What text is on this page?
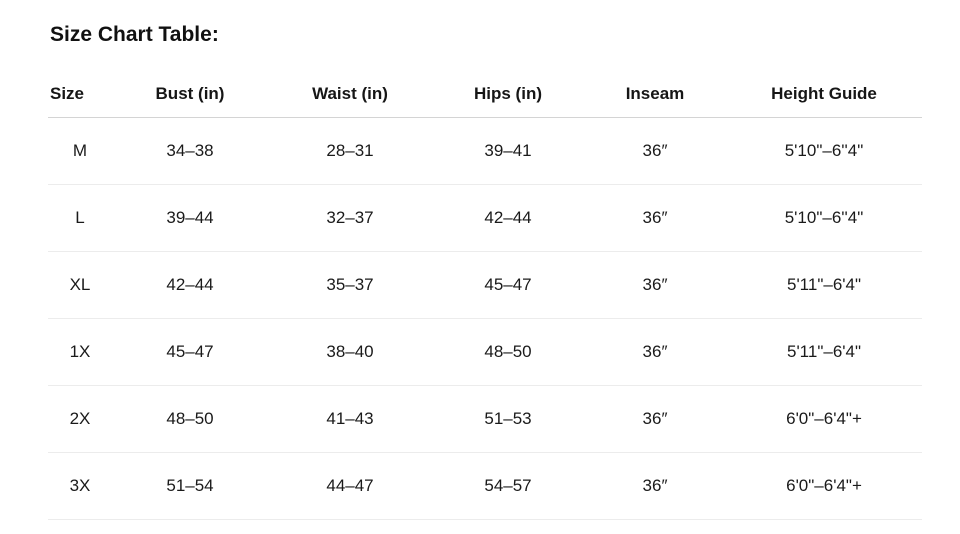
Size Chart Table:
Size	Bust (in)	Waist (in)	Hips (in)	Inseam	Height Guide
M	34–38	28–31	39–41	36″	5'10"–6''4"
L	39–44	32–37	42–44	36″	5'10"–6''4"
XL	42–44	35–37	45–47	36″	5'11"–6'4"
1X	45–47	38–40	48–50	36″	5'11"–6'4"
2X	48–50	41–43	51–53	36″	6'0"–6'4"+
3X	51–54	44–47	54–57	36″	6'0"–6'4"+
